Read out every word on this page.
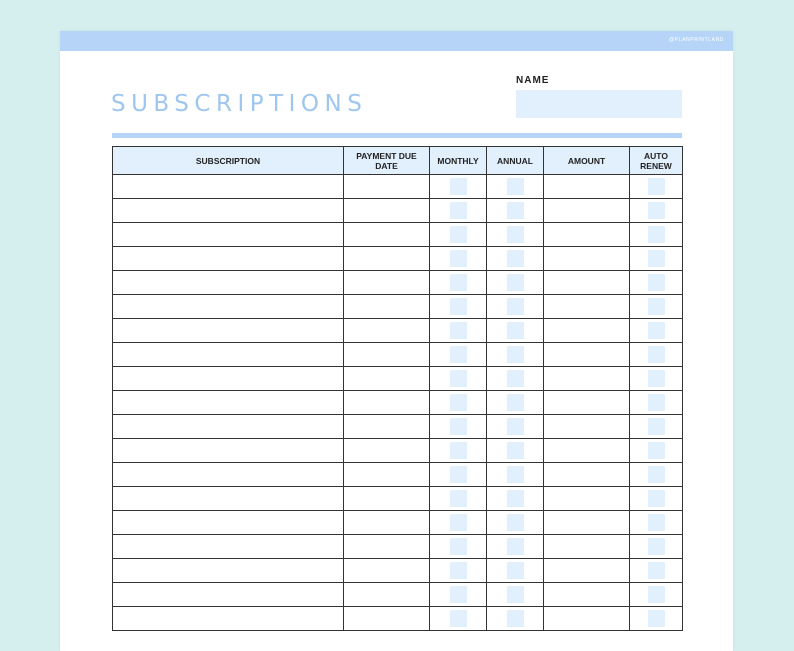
@PLANPRINTLAND
SUBSCRIPTIONS
NAME
SUBSCRIPTION	PAYMENT DUE DATE	MONTHLY	ANNUAL	AMOUNT	AUTO RENEW
